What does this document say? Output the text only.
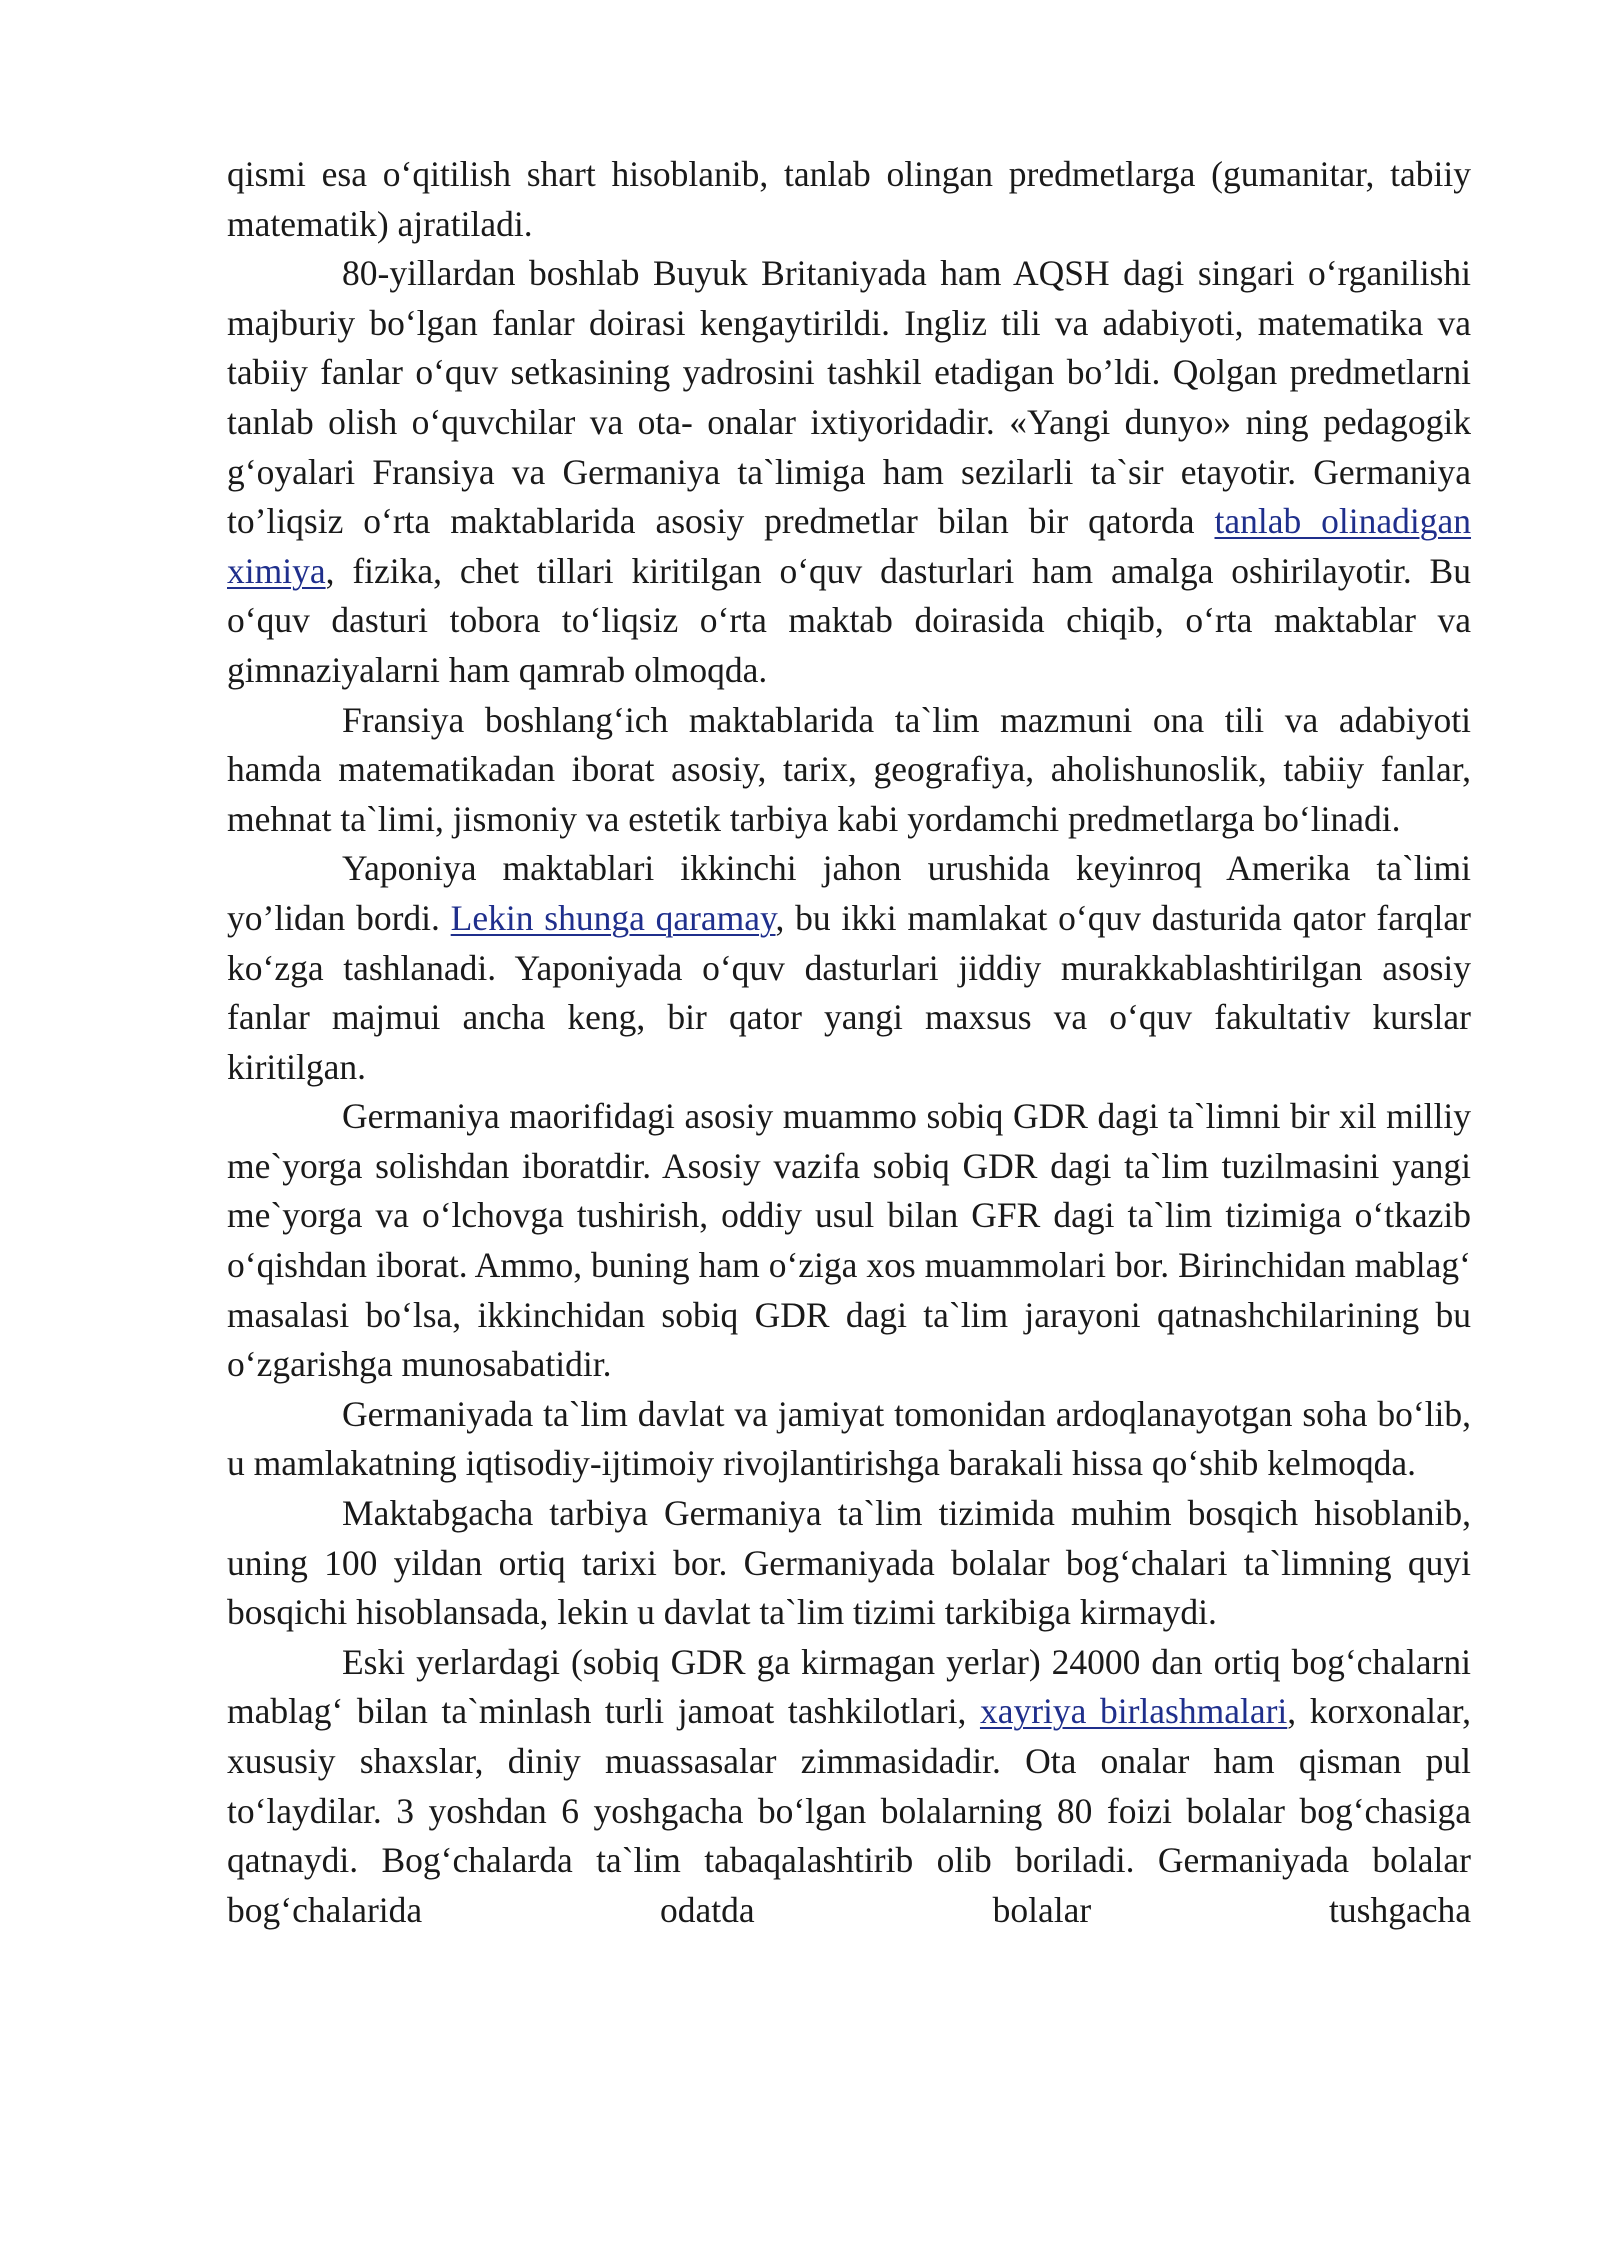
qismi esa o‘qitilish shart hisoblanib, tanlab olingan predmetlarga (gumanitar, tabiiy matematik) ajratiladi.

80-yillardan boshlab Buyuk Britaniyada ham AQSH dagi singari o‘rganilishi majburiy bo‘lgan fanlar doirasi kengaytirildi. Ingliz tili va adabiyoti, matematika va tabiiy fanlar o‘quv setkasining yadrosini tashkil etadigan bo’ldi. Qolgan predmetlarni tanlab olish o‘quvchilar va ota- onalar ixtiyoridadir. «Yangi dunyo» ning pedagogik g‘oyalari Fransiya va Germaniya ta`limiga ham sezilarli ta`sir etayotir. Germaniya to’liqsiz o‘rta maktablarida asosiy predmetlar bilan bir qatorda tanlab olinadigan ximiya, fizika, chet tillari kiritilgan o‘quv dasturlari ham amalga oshirilayotir. Bu o‘quv dasturi tobora to‘liqsiz o‘rta maktab doirasida chiqib, o‘rta maktablar va gimnaziyalarni ham qamrab olmoqda.

Fransiya boshlang‘ich maktablarida ta`lim mazmuni ona tili va adabiyoti hamda matematikadan iborat asosiy, tarix, geografiya, aholishunoslik, tabiiy fanlar, mehnat ta`limi, jismoniy va estetik tarbiya kabi yordamchi predmetlarga bo‘linadi.

Yaponiya maktablari ikkinchi jahon urushida keyinroq Amerika ta`limi yo’lidan bordi. Lekin shunga qaramay, bu ikki mamlakat o‘quv dasturida qator farqlar ko‘zga tashlanadi. Yaponiyada o‘quv dasturlari jiddiy murakkablashtirilgan asosiy fanlar majmui ancha keng, bir qator yangi maxsus va o‘quv fakultativ kurslar kiritilgan.

Germaniya maorifidagi asosiy muammo sobiq GDR dagi ta`limni bir xil milliy me`yorga solishdan iboratdir. Asosiy vazifa sobiq GDR dagi ta`lim tuzilmasini yangi me`yorga va o‘lchovga tushirish, oddiy usul bilan GFR dagi ta`lim tizimiga o‘tkazib o‘qishdan iborat. Ammo, buning ham o‘ziga xos muammolari bor. Birinchidan mablag‘ masalasi bo‘lsa, ikkinchidan sobiq GDR dagi ta`lim jarayoni qatnashchilarining bu o‘zgarishga munosabatidir.

Germaniyada ta`lim davlat va jamiyat tomonidan ardoqlanayotgan soha bo‘lib, u mamlakatning iqtisodiy-ijtimoiy rivojlantirishga barakali hissa qo‘shib kelmoqda.

Maktabgacha tarbiya Germaniya ta`lim tizimida muhim bosqich hisoblanib, uning 100 yildan ortiq tarixi bor. Germaniyada bolalar bog‘chalari ta`limning quyi bosqichi hisoblansada, lekin u davlat ta`lim tizimi tarkibiga kirmaydi.

Eski yerlardagi (sobiq GDR ga kirmagan yerlar) 24000 dan ortiq bog‘chalarni mablag‘ bilan ta`minlash turli jamoat tashkilotlari, xayriya birlashmalari, korxonalar, xususiy shaxslar, diniy muassasalar zimmasidadir. Ota onalar ham qisman pul to‘laydilar. 3 yoshdan 6 yoshgacha bo‘lgan bolalarning 80 foizi bolalar bog‘chasiga qatnaydi. Bog‘chalarda ta`lim tabaqalashtirib olib boriladi. Germaniyada bolalar bog‘chalarida odatda bolalar tushgacha
